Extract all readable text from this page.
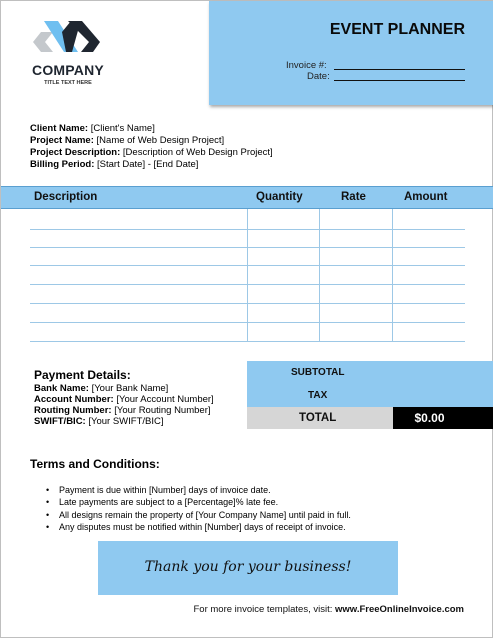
COMPANY
TITLE TEXT HERE
EVENT PLANNER
Invoice #:
Date:
Client Name: [Client's Name]
Project Name: [Name of Web Design Project]
Project Description: [Description of Web Design Project]
Billing Period: [Start Date] - [End Date]
Description	Quantity	Rate	Amount
Payment Details:
Bank Name: [Your Bank Name]
Account Number: [Your Account Number]
Routing Number: [Your Routing Number]
SWIFT/BIC: [Your SWIFT/BIC]
SUBTOTAL
TAX
TOTAL	$0.00
Terms and Conditions:
• Payment is due within [Number] days of invoice date.
• Late payments are subject to a [Percentage]% late fee.
• All designs remain the property of [Your Company Name] until paid in full.
• Any disputes must be notified within [Number] days of receipt of invoice.
Thank you for your business!
For more invoice templates, visit: www.FreeOnlineInvoice.com
